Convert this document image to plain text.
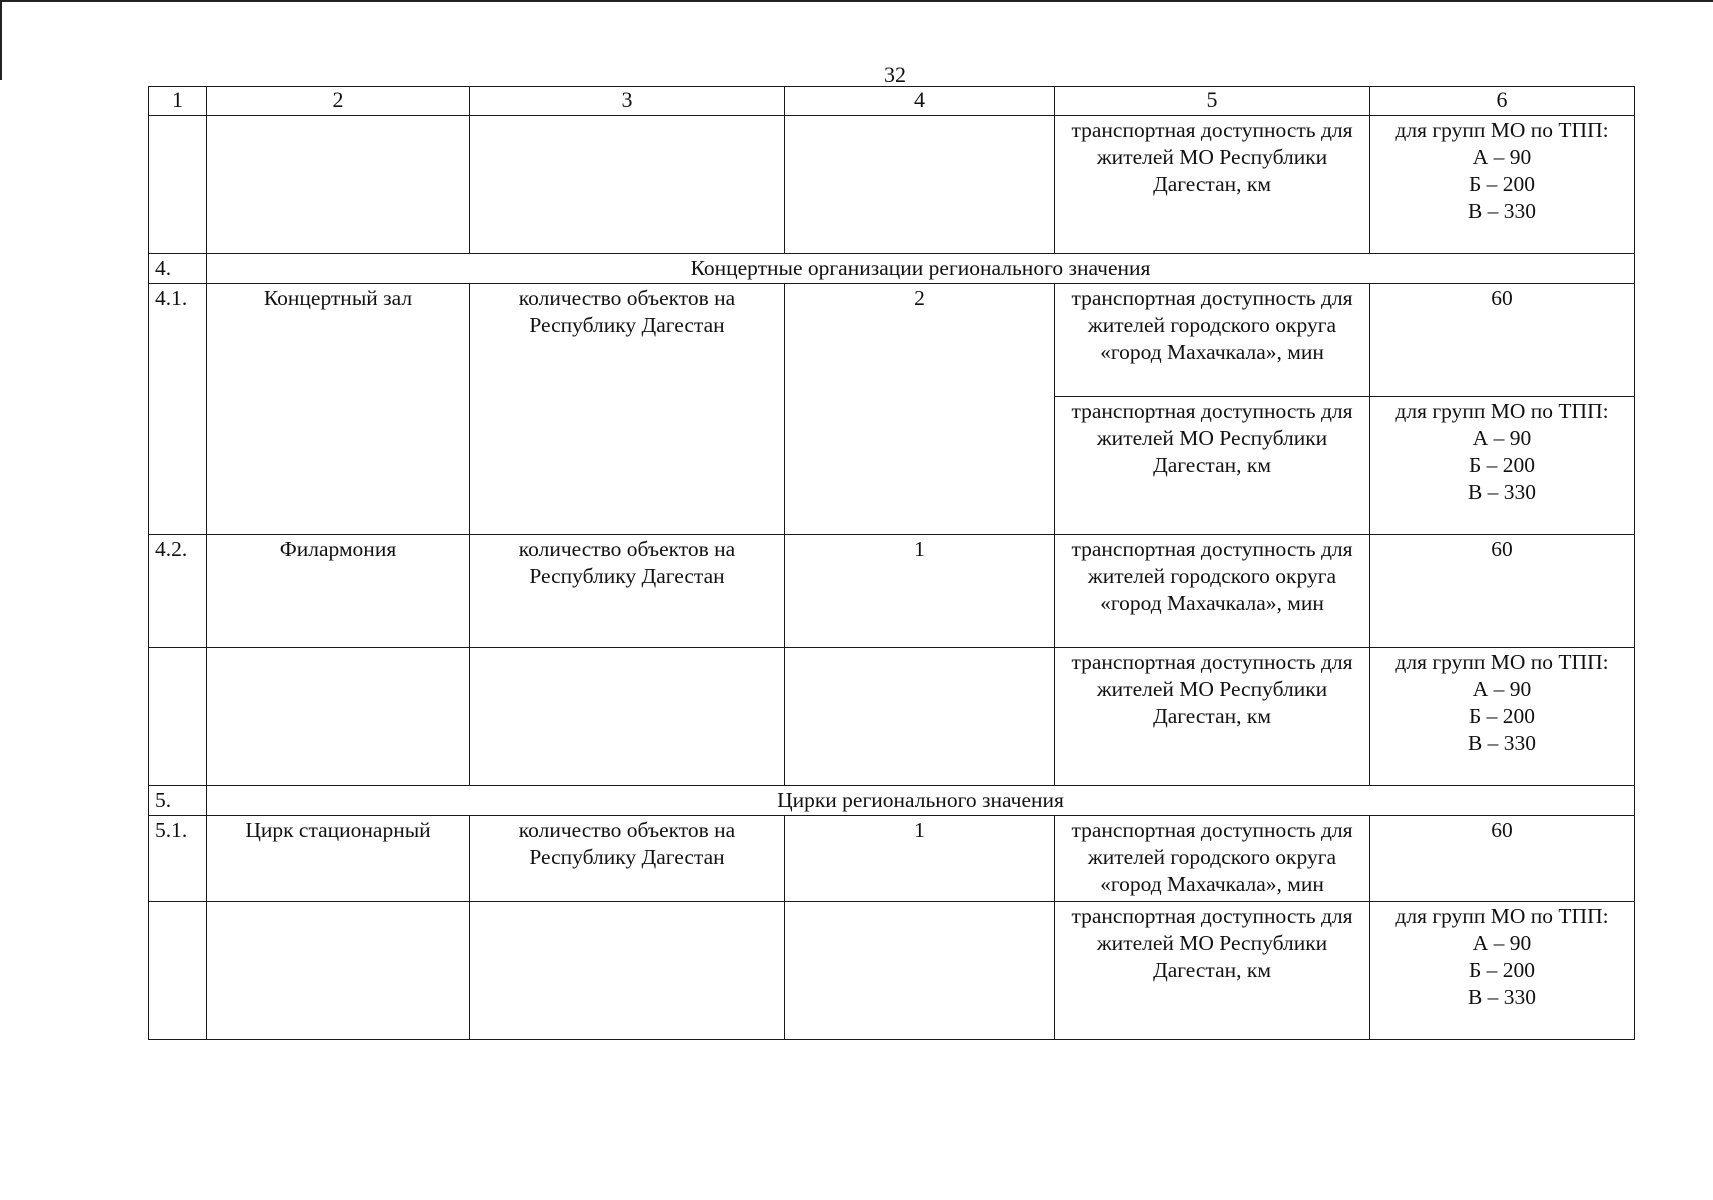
32
1	2	3	4	5	6
				транспортная доступность для жителей МО Республики Дагестан, км	для групп МО по ТПП:
А – 90
Б – 200
В – 330

4.	Концертные организации регионального значения				
4.1.	Концертный зал	количество объектов на Республику Дагестан	2	транспортная доступность для жителей городского округа «город Махачкала», мин	60
				транспортная доступность для жителей МО Республики Дагестан, км	для групп МО по ТПП:
А – 90
Б – 200
В – 330

4.2.	Филармония	количество объектов на Республику Дагестан	1	транспортная доступность для жителей городского округа «город Махачкала», мин	60
				транспортная доступность для жителей МО Республики Дагестан, км	для групп МО по ТПП:
А – 90
Б – 200
В – 330

5.	Цирки регионального значения				
5.1.	Цирк стационарный	количество объектов на Республику Дагестан	1	транспортная доступность для жителей городского округа «город Махачкала», мин	60
				транспортная доступность для жителей МО Республики Дагестан, км	для групп МО по ТПП:
А – 90
Б – 200
В – 330
